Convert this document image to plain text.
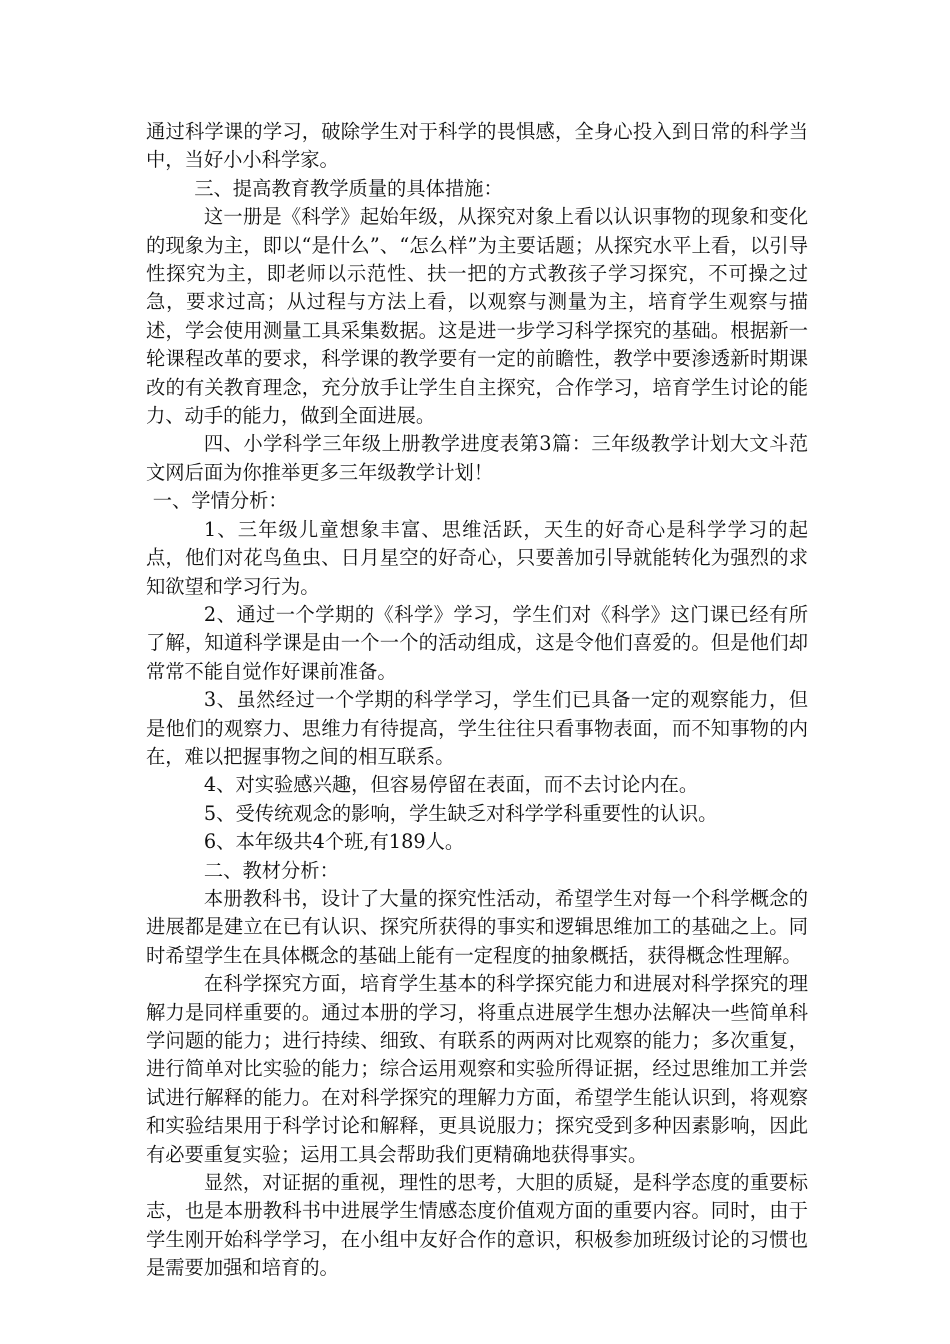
通过科学课的学习，破除学生对于科学的畏惧感，全身心投入到日常的科学当中，当好小小科学家。

三、提高教育教学质量的具体措施：

这一册是《科学》起始年级，从探究对象上看以认识事物的现象和变化的现象为主，即以“是什么”、“怎么样”为主要话题；从探究水平上看，以引导性探究为主，即老师以示范性、扶一把的方式教孩子学习探究，不可操之过急，要求过高；从过程与方法上看，以观察与测量为主，培育学生观察与描述，学会使用测量工具采集数据。这是进一步学习科学探究的基础。根据新一轮课程改革的要求，科学课的教学要有一定的前瞻性，教学中要渗透新时期课改的有关教育理念，充分放手让学生自主探究，合作学习，培育学生讨论的能力、动手的能力，做到全面进展。

四、小学科学三年级上册教学进度表第3篇：三年级教学计划大文斗范文网后面为你推举更多三年级教学计划！

一、学情分析：

1、三年级儿童想象丰富、思维活跃，天生的好奇心是科学学习的起点，他们对花鸟鱼虫、日月星空的好奇心，只要善加引导就能转化为强烈的求知欲望和学习行为。

2、通过一个学期的《科学》学习，学生们对《科学》这门课已经有所了解，知道科学课是由一个一个的活动组成，这是令他们喜爱的。但是他们却常常不能自觉作好课前准备。

3、虽然经过一个学期的科学学习，学生们已具备一定的观察能力，但是他们的观察力、思维力有待提高，学生往往只看事物表面，而不知事物的内在，难以把握事物之间的相互联系。

4、对实验感兴趣，但容易停留在表面，而不去讨论内在。

5、受传统观念的影响，学生缺乏对科学学科重要性的认识。

6、本年级共4个班,有189人。

二、教材分析：

本册教科书，设计了大量的探究性活动，希望学生对每一个科学概念的进展都是建立在已有认识、探究所获得的事实和逻辑思维加工的基础之上。同时希望学生在具体概念的基础上能有一定程度的抽象概括，获得概念性理解。

在科学探究方面，培育学生基本的科学探究能力和进展对科学探究的理解力是同样重要的。通过本册的学习，将重点进展学生想办法解决一些简单科学问题的能力；进行持续、细致、有联系的两两对比观察的能力；多次重复，进行简单对比实验的能力；综合运用观察和实验所得证据，经过思维加工并尝试进行解释的能力。在对科学探究的理解力方面，希望学生能认识到，将观察和实验结果用于科学讨论和解释，更具说服力；探究受到多种因素影响，因此有必要重复实验；运用工具会帮助我们更精确地获得事实。

显然，对证据的重视，理性的思考，大胆的质疑，是科学态度的重要标志，也是本册教科书中进展学生情感态度价值观方面的重要内容。同时，由于学生刚开始科学学习，在小组中友好合作的意识，积极参加班级讨论的习惯也是需要加强和培育的。
